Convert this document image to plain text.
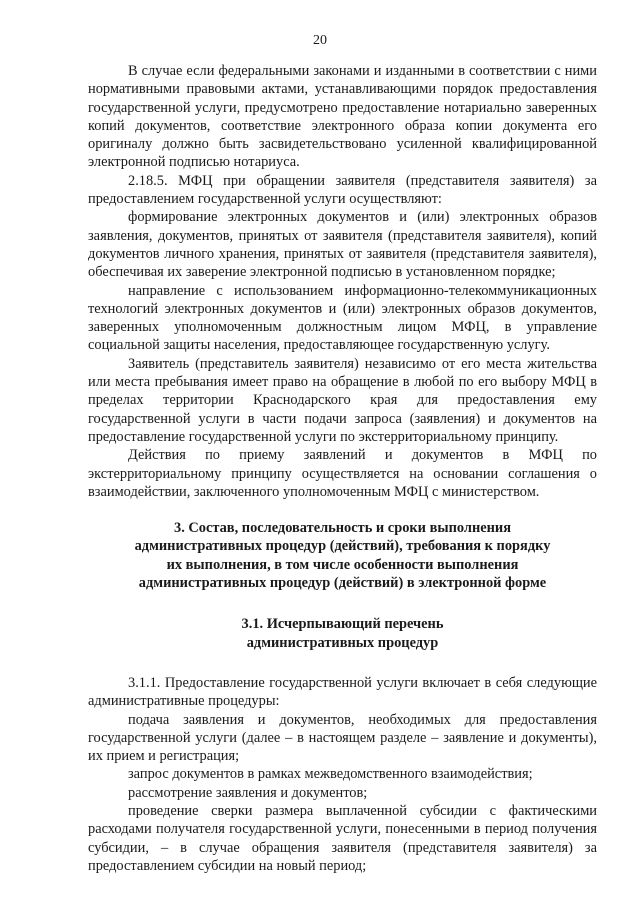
20

В случае если федеральными законами и изданными в соответствии с ними нормативными правовыми актами, устанавливающими порядок предоставления государственной услуги, предусмотрено предоставление нотариально заверенных копий документов, соответствие электронного образа копии документа его оригиналу должно быть засвидетельствовано усиленной квалифицированной электронной подписью нотариуса.

2.18.5. МФЦ при обращении заявителя (представителя заявителя) за предоставлением государственной услуги осуществляют:

формирование электронных документов и (или) электронных образов заявления, документов, принятых от заявителя (представителя заявителя), копий документов личного хранения, принятых от заявителя (представителя заявителя), обеспечивая их заверение электронной подписью в установленном порядке;

направление с использованием информационно-телекоммуникационных технологий электронных документов и (или) электронных образов документов, заверенных уполномоченным должностным лицом МФЦ, в управление социальной защиты населения, предоставляющее государственную услугу.

Заявитель (представитель заявителя) независимо от его места жительства или места пребывания имеет право на обращение в любой по его выбору МФЦ в пределах территории Краснодарского края для предоставления ему государственной услуги в части подачи запроса (заявления) и документов на предоставление государственной услуги по экстерриториальному принципу.

Действия по приему заявлений и документов в МФЦ по экстерриториальному принципу осуществляется на основании соглашения о взаимодействии, заключенного уполномоченным МФЦ с министерством.

3. Состав, последовательность и сроки выполнения
административных процедур (действий), требования к порядку
их выполнения, в том числе особенности выполнения
административных процедур (действий) в электронной форме

3.1. Исчерпывающий перечень
административных процедур

3.1.1. Предоставление государственной услуги включает в себя следующие административные процедуры:

подача заявления и документов, необходимых для предоставления государственной услуги (далее – в настоящем разделе – заявление и документы), их прием и регистрация;

запрос документов в рамках межведомственного взаимодействия;

рассмотрение заявления и документов;

проведение сверки размера выплаченной субсидии с фактическими расходами получателя государственной услуги, понесенными в период получения субсидии, – в случае обращения заявителя (представителя заявителя) за предоставлением субсидии на новый период;
